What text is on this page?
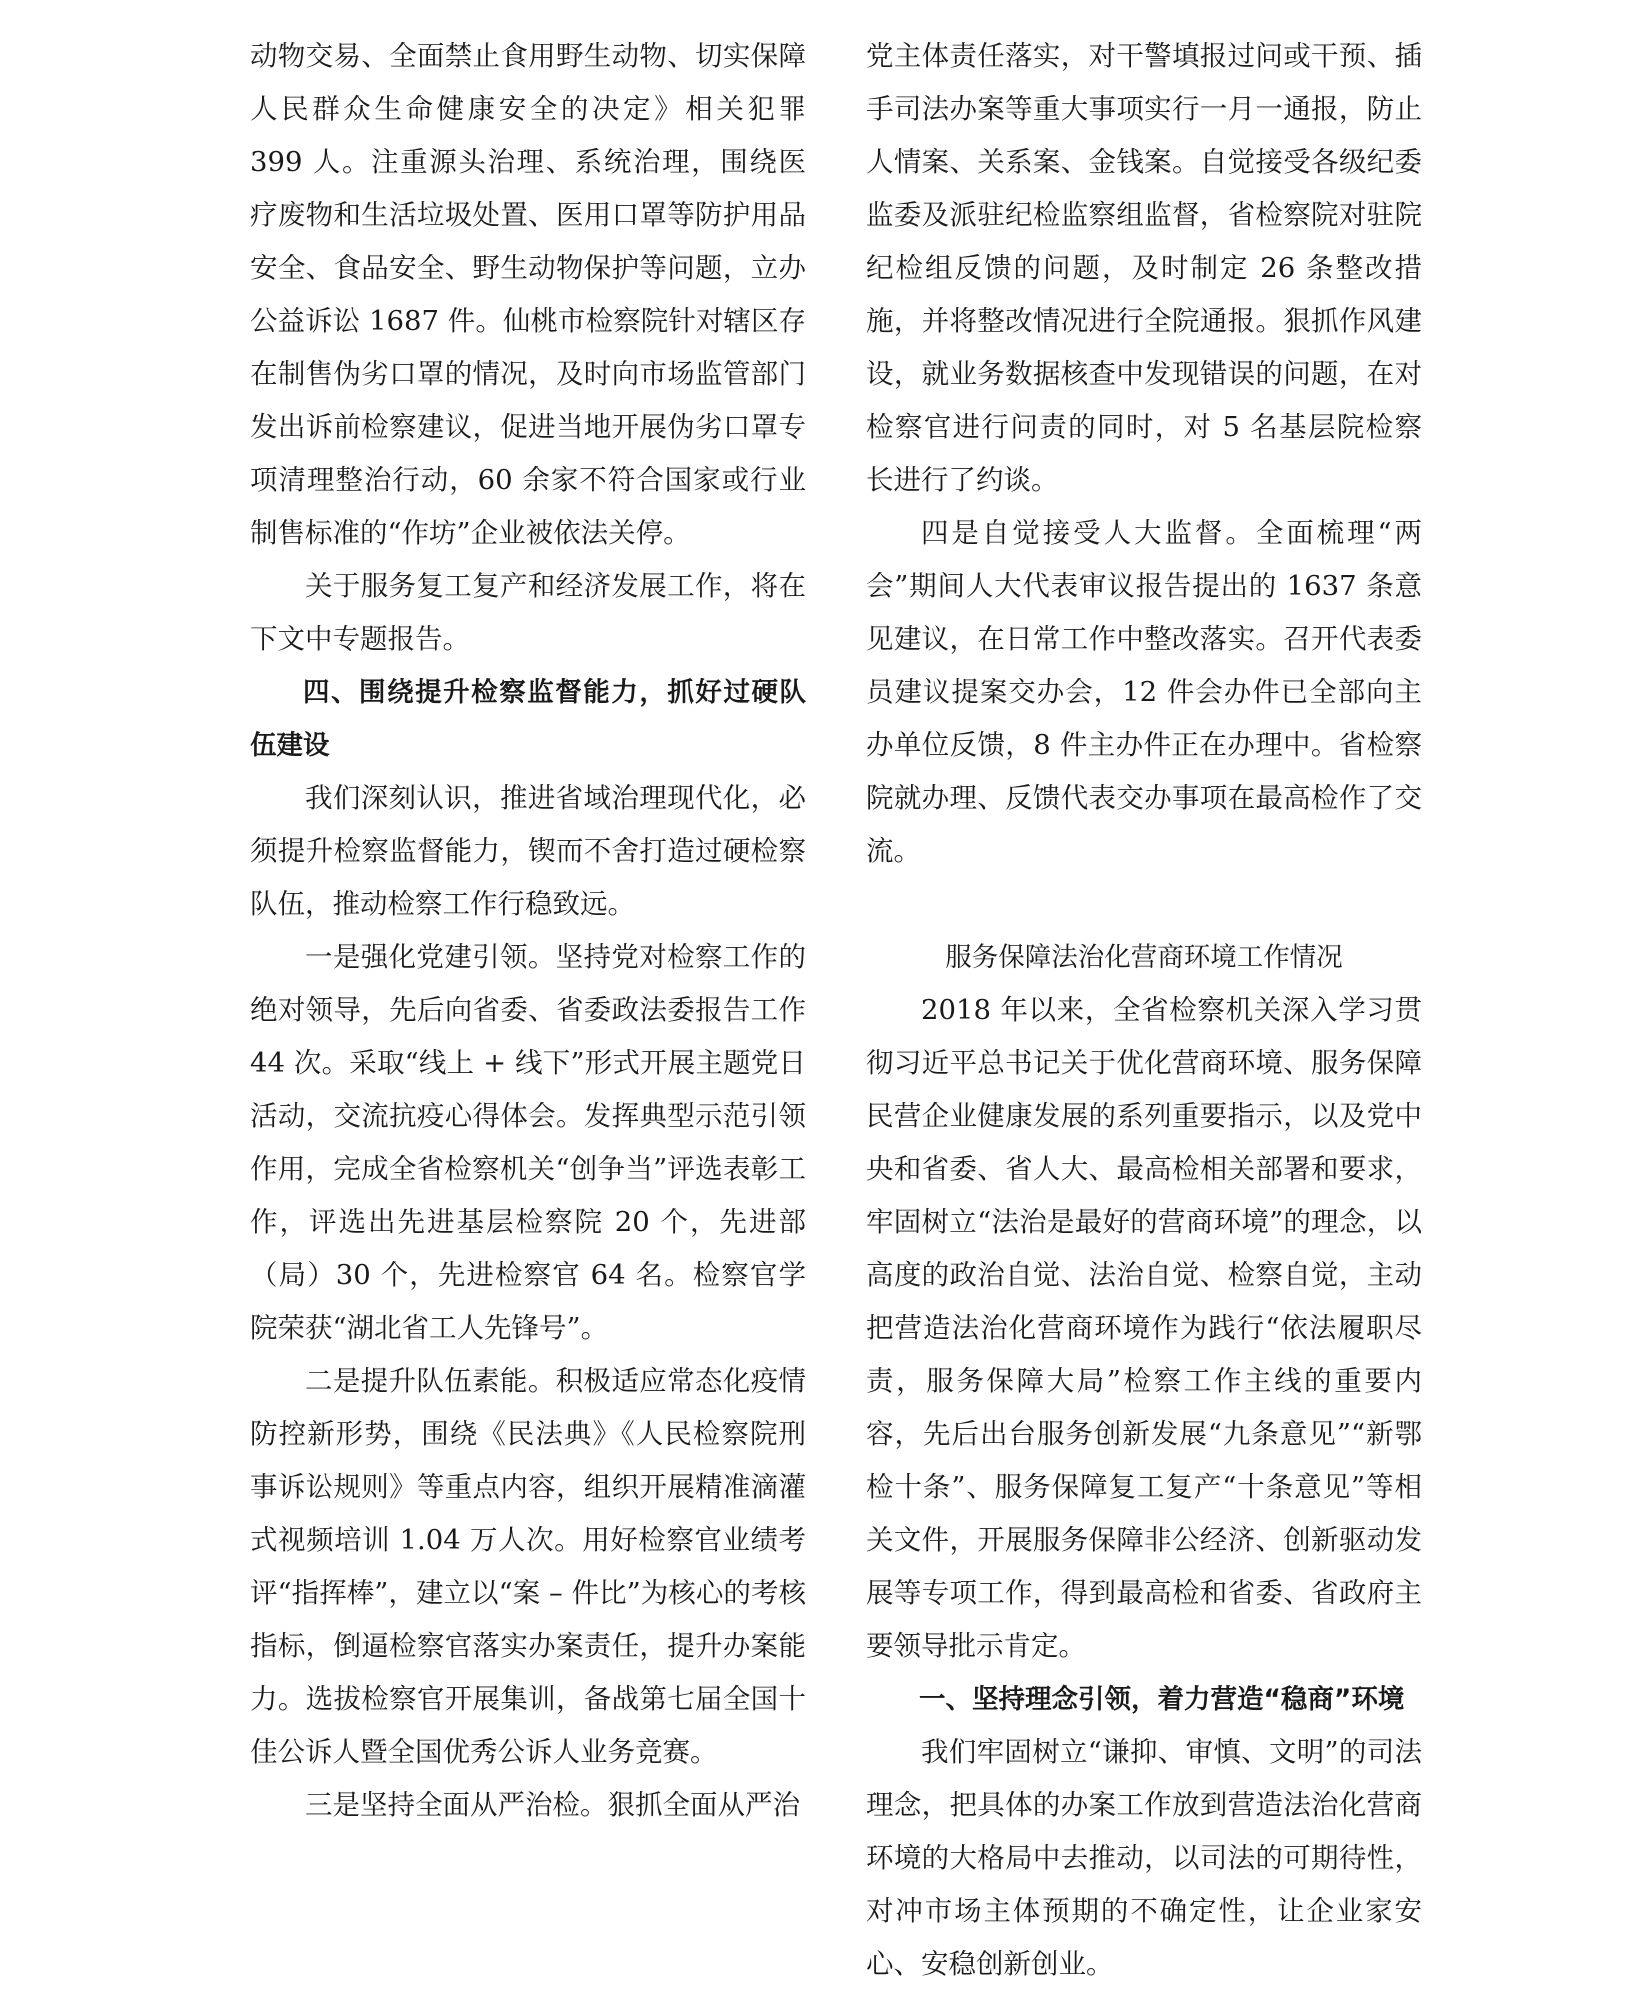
动物交易、全面禁止食用野生动物、切实保障人民群众生命健康安全的决定》相关犯罪 399 人。注重源头治理、系统治理，围绕医疗废物和生活垃圾处置、医用口罩等防护用品安全、食品安全、野生动物保护等问题，立办公益诉讼 1687 件。仙桃市检察院针对辖区存在制售伪劣口罩的情况，及时向市场监管部门发出诉前检察建议，促进当地开展伪劣口罩专项清理整治行动，60 余家不符合国家或行业制售标准的“作坊”企业被依法关停。

关于服务复工复产和经济发展工作，将在下文中专题报告。

四、围绕提升检察监督能力，抓好过硬队伍建设

我们深刻认识，推进省域治理现代化，必须提升检察监督能力，锲而不舍打造过硬检察队伍，推动检察工作行稳致远。

一是强化党建引领。坚持党对检察工作的绝对领导，先后向省委、省委政法委报告工作 44 次。采取“线上 + 线下”形式开展主题党日活动，交流抗疫心得体会。发挥典型示范引领作用，完成全省检察机关“创争当”评选表彰工作，评选出先进基层检察院 20 个，先进部（局）30 个，先进检察官 64 名。检察官学院荣获“湖北省工人先锋号”。

二是提升队伍素能。积极适应常态化疫情防控新形势，围绕《民法典》《人民检察院刑事诉讼规则》等重点内容，组织开展精准滴灌式视频培训 1.04 万人次。用好检察官业绩考评“指挥棒”，建立以“案 – 件比”为核心的考核指标，倒逼检察官落实办案责任，提升办案能力。选拔检察官开展集训，备战第七届全国十佳公诉人暨全国优秀公诉人业务竞赛。

三是坚持全面从严治检。狠抓全面从严治

党主体责任落实，对干警填报过问或干预、插手司法办案等重大事项实行一月一通报，防止人情案、关系案、金钱案。自觉接受各级纪委监委及派驻纪检监察组监督，省检察院对驻院纪检组反馈的问题，及时制定 26 条整改措施，并将整改情况进行全院通报。狠抓作风建设，就业务数据核查中发现错误的问题，在对检察官进行问责的同时，对 5 名基层院检察长进行了约谈。

四是自觉接受人大监督。全面梳理“两会”期间人大代表审议报告提出的 1637 条意见建议，在日常工作中整改落实。召开代表委员建议提案交办会，12 件会办件已全部向主办单位反馈，8 件主办件正在办理中。省检察院就办理、反馈代表交办事项在最高检作了交流。

服务保障法治化营商环境工作情况

2018 年以来，全省检察机关深入学习贯彻习近平总书记关于优化营商环境、服务保障民营企业健康发展的系列重要指示，以及党中央和省委、省人大、最高检相关部署和要求，牢固树立“法治是最好的营商环境”的理念，以高度的政治自觉、法治自觉、检察自觉，主动把营造法治化营商环境作为践行“依法履职尽责，服务保障大局”检察工作主线的重要内容，先后出台服务创新发展“九条意见”“新鄂检十条”、服务保障复工复产“十条意见”等相关文件，开展服务保障非公经济、创新驱动发展等专项工作，得到最高检和省委、省政府主要领导批示肯定。

一、坚持理念引领，着力营造“稳商”环境

我们牢固树立“谦抑、审慎、文明”的司法理念，把具体的办案工作放到营造法治化营商环境的大格局中去推动，以司法的可期待性，对冲市场主体预期的不确定性，让企业家安心、安稳创新创业。
